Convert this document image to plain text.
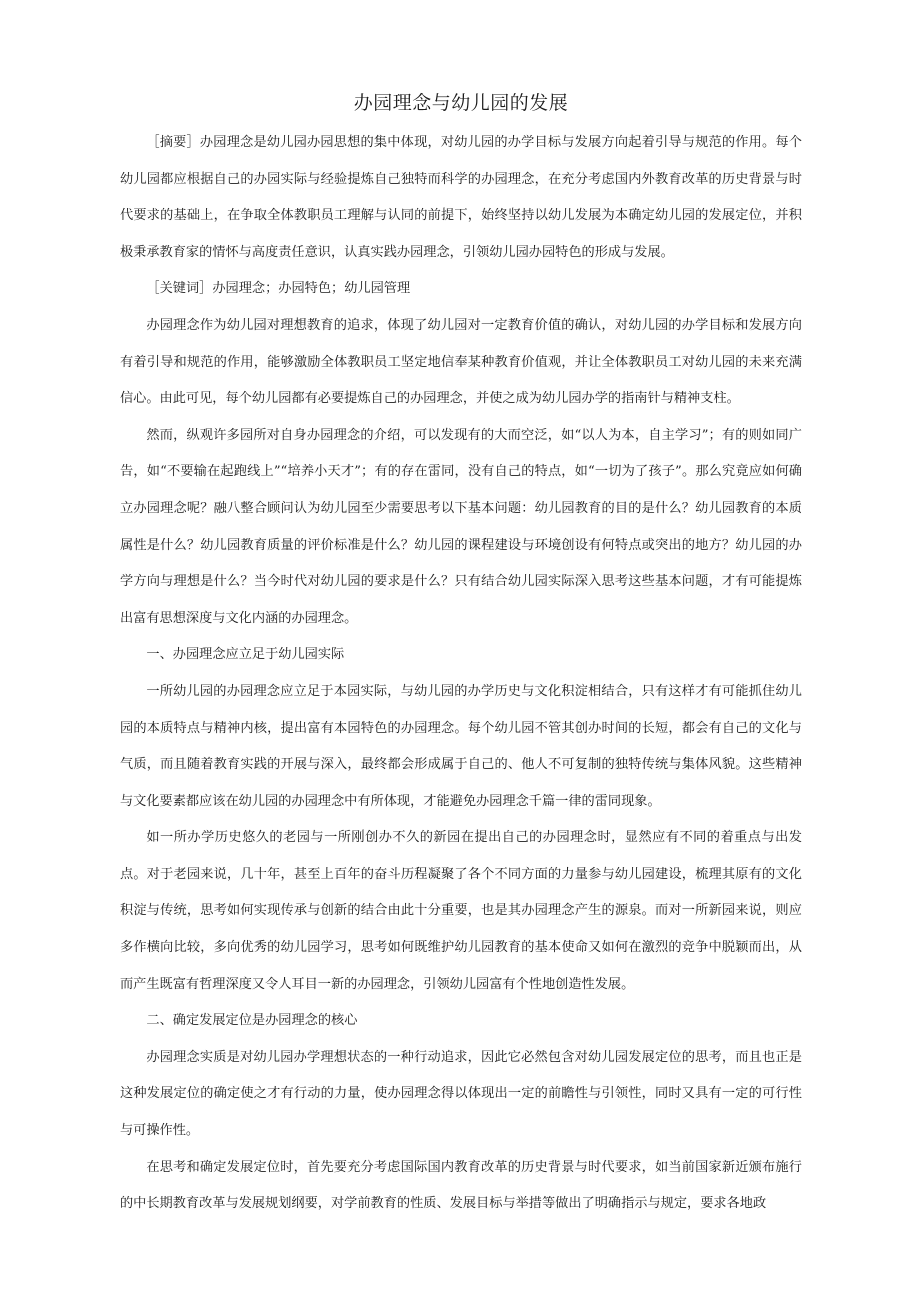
办园理念与幼儿园的发展

［摘要］办园理念是幼儿园办园思想的集中体现，对幼儿园的办学目标与发展方向起着引导与规范的作用。每个幼儿园都应根据自己的办园实际与经验提炼自己独特而科学的办园理念，在充分考虑国内外教育改革的历史背景与时代要求的基础上，在争取全体教职员工理解与认同的前提下，始终坚持以幼儿发展为本确定幼儿园的发展定位，并积极秉承教育家的情怀与高度责任意识，认真实践办园理念，引领幼儿园办园特色的形成与发展。

［关键词］办园理念；办园特色；幼儿园管理

办园理念作为幼儿园对理想教育的追求，体现了幼儿园对一定教育价值的确认，对幼儿园的办学目标和发展方向有着引导和规范的作用，能够激励全体教职员工坚定地信奉某种教育价值观，并让全体教职员工对幼儿园的未来充满信心。由此可见，每个幼儿园都有必要提炼自己的办园理念，并使之成为幼儿园办学的指南针与精神支柱。

然而，纵观许多园所对自身办园理念的介绍，可以发现有的大而空泛，如“以人为本，自主学习”；有的则如同广告，如“不要输在起跑线上”“培养小天才”；有的存在雷同，没有自己的特点，如“一切为了孩子”。那么究竟应如何确立办园理念呢？融八整合顾问认为幼儿园至少需要思考以下基本问题：幼儿园教育的目的是什么？幼儿园教育的本质属性是什么？幼儿园教育质量的评价标准是什么？幼儿园的课程建设与环境创设有何特点或突出的地方？幼儿园的办学方向与理想是什么？当今时代对幼儿园的要求是什么？只有结合幼儿园实际深入思考这些基本问题，才有可能提炼出富有思想深度与文化内涵的办园理念。

一、办园理念应立足于幼儿园实际

一所幼儿园的办园理念应立足于本园实际，与幼儿园的办学历史与文化积淀相结合，只有这样才有可能抓住幼儿园的本质特点与精神内核，提出富有本园特色的办园理念。每个幼儿园不管其创办时间的长短，都会有自己的文化与气质，而且随着教育实践的开展与深入，最终都会形成属于自己的、他人不可复制的独特传统与集体风貌。这些精神与文化要素都应该在幼儿园的办园理念中有所体现，才能避免办园理念千篇一律的雷同现象。

如一所办学历史悠久的老园与一所刚创办不久的新园在提出自己的办园理念时，显然应有不同的着重点与出发点。对于老园来说，几十年，甚至上百年的奋斗历程凝聚了各个不同方面的力量参与幼儿园建设，梳理其原有的文化积淀与传统，思考如何实现传承与创新的结合由此十分重要，也是其办园理念产生的源泉。而对一所新园来说，则应多作横向比较，多向优秀的幼儿园学习，思考如何既维护幼儿园教育的基本使命又如何在激烈的竞争中脱颖而出，从而产生既富有哲理深度又令人耳目一新的办园理念，引领幼儿园富有个性地创造性发展。

二、确定发展定位是办园理念的核心

办园理念实质是对幼儿园办学理想状态的一种行动追求，因此它必然包含对幼儿园发展定位的思考，而且也正是这种发展定位的确定使之才有行动的力量，使办园理念得以体现出一定的前瞻性与引领性，同时又具有一定的可行性与可操作性。

在思考和确定发展定位时，首先要充分考虑国际国内教育改革的历史背景与时代要求，如当前国家新近颁布施行的中长期教育改革与发展规划纲要，对学前教育的性质、发展目标与举措等做出了明确指示与规定，要求各地政
